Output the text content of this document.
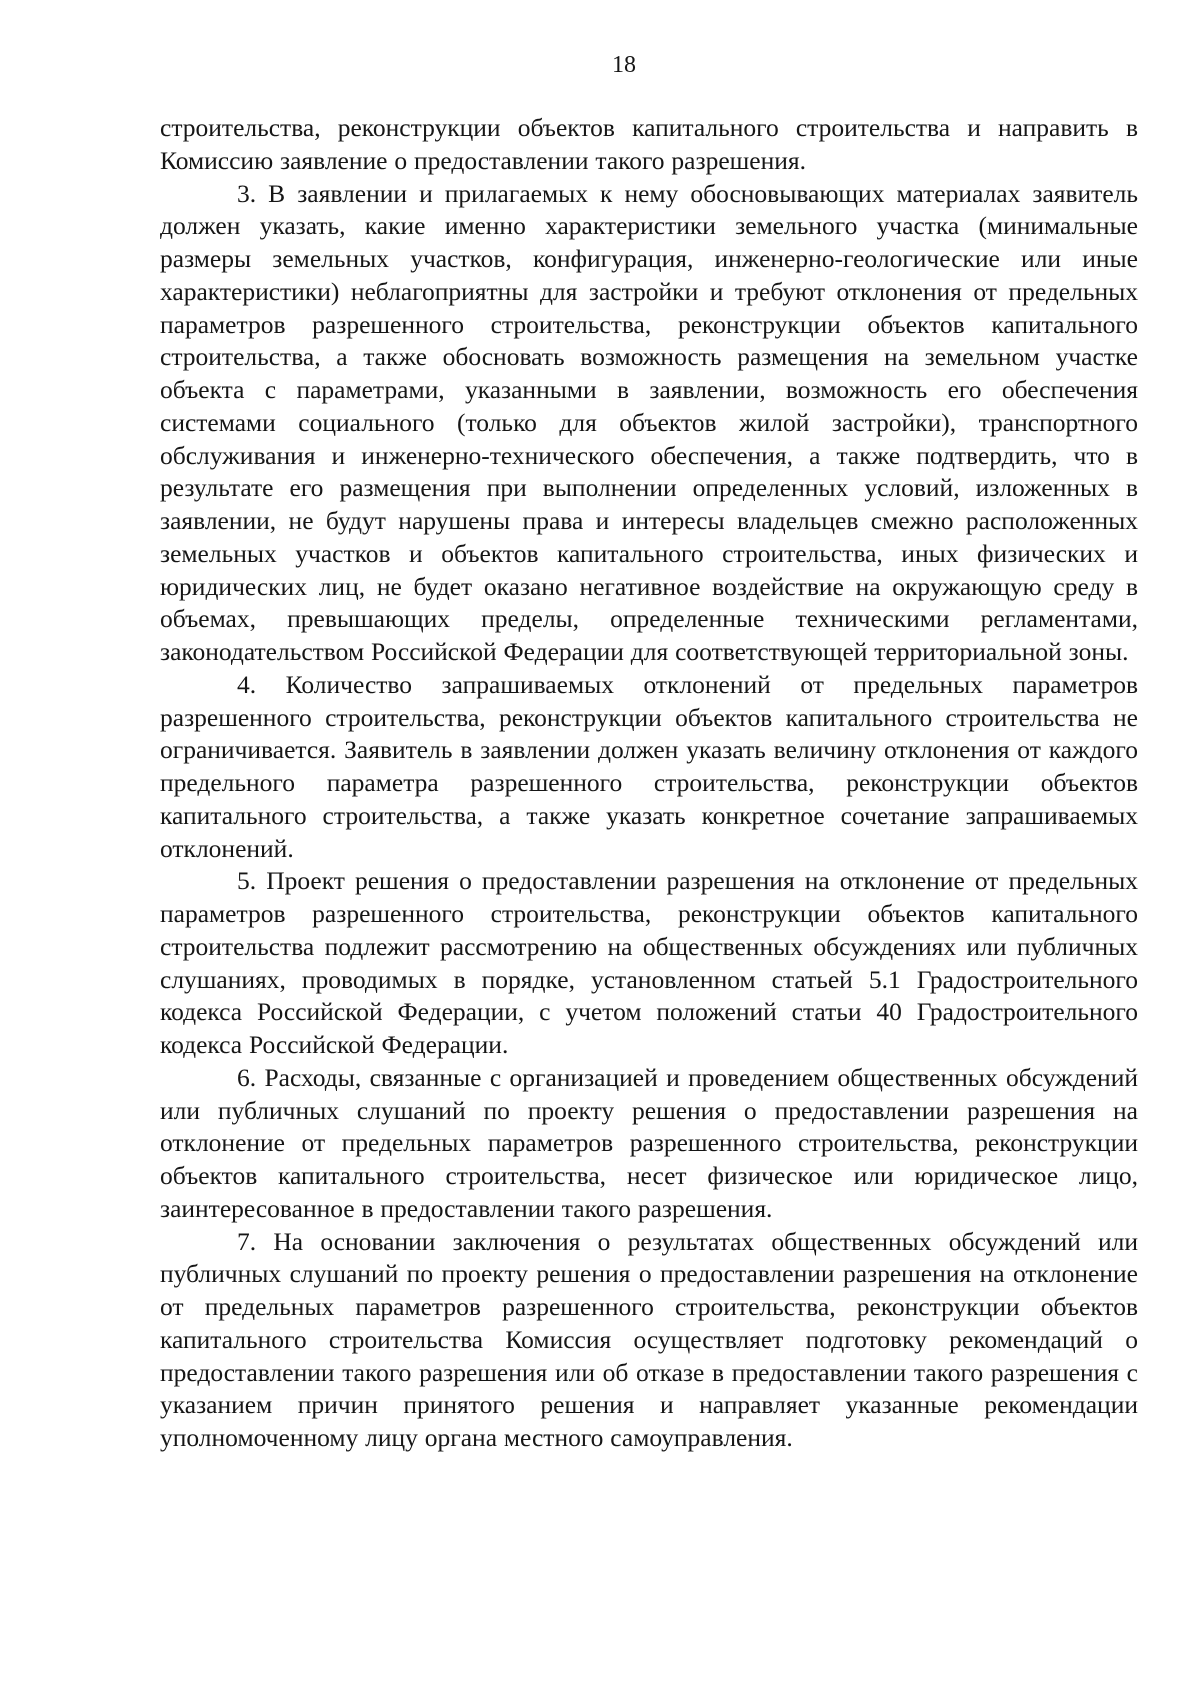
18

строительства, реконструкции объектов капитального строительства и направить в Комиссию заявление о предоставлении такого разрешения.

3. В заявлении и прилагаемых к нему обосновывающих материалах заявитель должен указать, какие именно характеристики земельного участка (минимальные размеры земельных участков, конфигурация, инженерно-геологические или иные характеристики) неблагоприятны для застройки и требуют отклонения от предельных параметров разрешенного строительства, реконструкции объектов капитального строительства, а также обосновать возможность размещения на земельном участке объекта с параметрами, указанными в заявлении, возможность его обеспечения системами социального (только для объектов жилой застройки), транспортного обслуживания и инженерно-технического обеспечения, а также подтвердить, что в результате его размещения при выполнении определенных условий, изложенных в заявлении, не будут нарушены права и интересы владельцев смежно расположенных земельных участков и объектов капитального строительства, иных физических и юридических лиц, не будет оказано негативное воздействие на окружающую среду в объемах, превышающих пределы, определенные техническими регламентами, законодательством Российской Федерации для соответствующей территориальной зоны.

4. Количество запрашиваемых отклонений от предельных параметров разрешенного строительства, реконструкции объектов капитального строительства не ограничивается. Заявитель в заявлении должен указать величину отклонения от каждого предельного параметра разрешенного строительства, реконструкции объектов капитального строительства, а также указать конкретное сочетание запрашиваемых отклонений.

5. Проект решения о предоставлении разрешения на отклонение от предельных параметров разрешенного строительства, реконструкции объектов капитального строительства подлежит рассмотрению на общественных обсуждениях или публичных слушаниях, проводимых в порядке, установленном статьей 5.1 Градостроительного кодекса Российской Федерации, с учетом положений статьи 40 Градостроительного кодекса Российской Федерации.

6. Расходы, связанные с организацией и проведением общественных обсуждений или публичных слушаний по проекту решения о предоставлении разрешения на отклонение от предельных параметров разрешенного строительства, реконструкции объектов капитального строительства, несет физическое или юридическое лицо, заинтересованное в предоставлении такого разрешения.

7. На основании заключения о результатах общественных обсуждений или публичных слушаний по проекту решения о предоставлении разрешения на отклонение от предельных параметров разрешенного строительства, реконструкции объектов капитального строительства Комиссия осуществляет подготовку рекомендаций о предоставлении такого разрешения или об отказе в предоставлении такого разрешения с указанием причин принятого решения и направляет указанные рекомендации уполномоченному лицу органа местного самоуправления.
